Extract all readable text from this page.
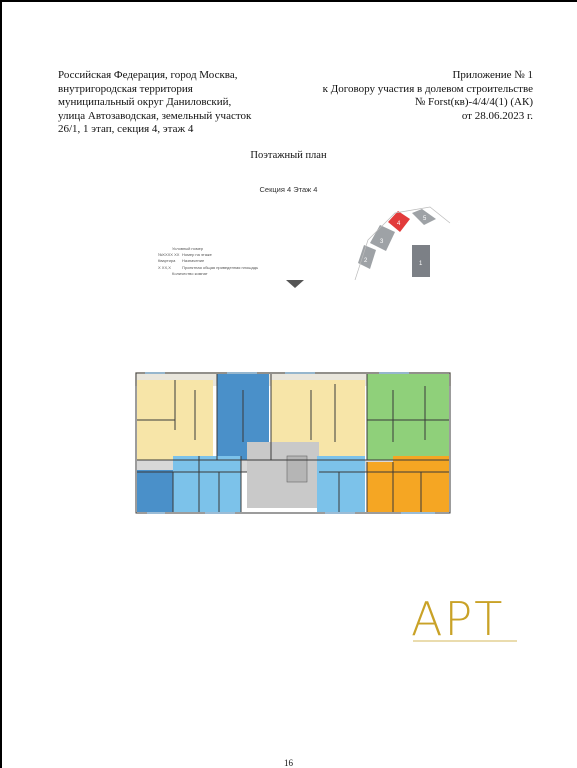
Российская Федерация, город Москва,
внутригородская территория
муниципальный округ Даниловский,
улица Автозаводская, земельный участок
26/1, 1 этап, секция 4, этаж 4
Приложение № 1
к Договору участия в долевом строительстве
№ Forst(кв)-4/4/4(1) (АК)
от 28.06.2023 г.
Поэтажный план
Секция 4 Этаж 4
Условный номер
№ХХХХ ХХ Номер на этаже
Квартира Назначение
Х ХХ,Х	Проектная общая приведенная площадь
Количество комнат
2
3
4
5
1
АРТ
16
